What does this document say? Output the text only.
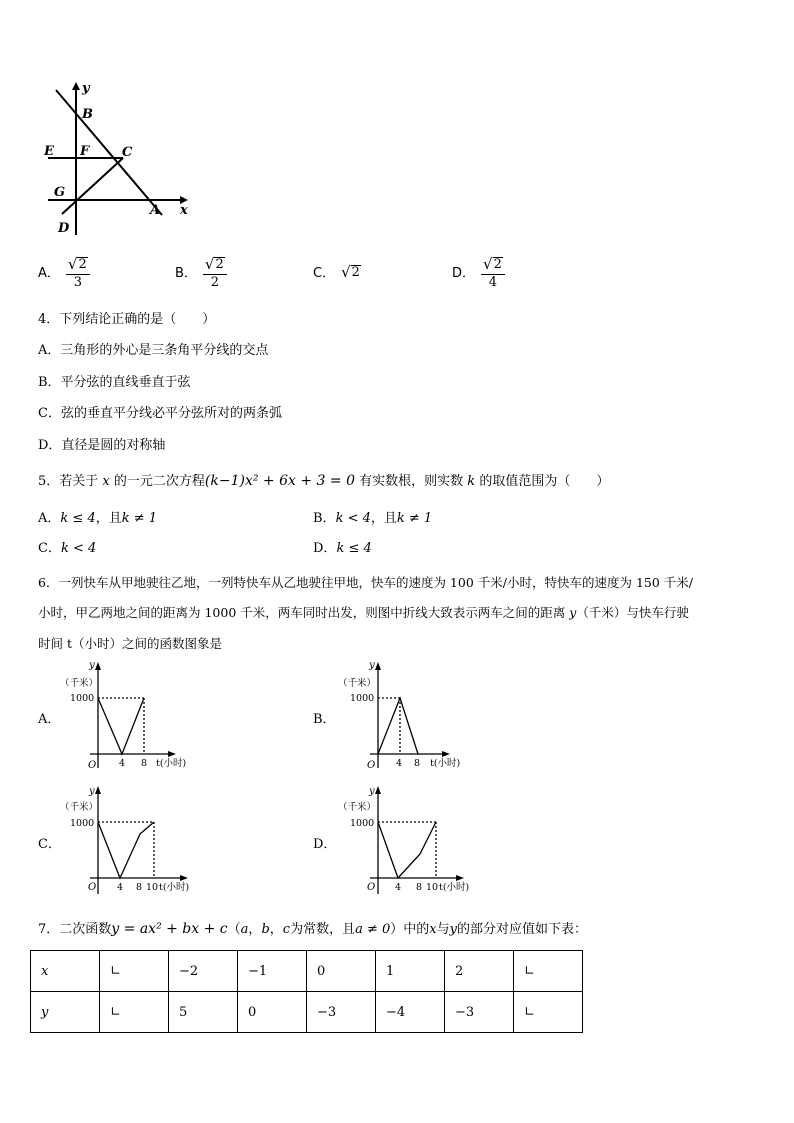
y
B
E F	C
G
A x
D
A． $\frac{√ 2}{3}$	B． $\frac{√ 2}{2}$	C． √ 2	D． $\frac{√ 2}{4}$
4．下列结论正确的是（　　）
A．三角形的外心是三条角平分线的交点
B．平分弦的直线垂直于弦
C．弦的垂直平分线必平分弦所对的两条弧
D．直径是圆的对称轴
5．若关于 x 的一元二次方程(k−1)x² + 6x + 3 = 0 有实数根，则实数 k 的取值范围为（　　）
A．k ≤ 4，且k ≠ 1	B．k < 4，且k ≠ 1
C．k < 4	D．k ≤ 4
6．一列快车从甲地驶往乙地，一列特快车从乙地驶往甲地，快车的速度为 100 千米/小时，特快车的速度为 150 千米/
小时，甲乙两地之间的距离为 1000 千米，两车同时出发，则图中折线大致表示两车之间的距离 y（千米）与快车行驶
时间 t（小时）之间的函数图象是
A．	B．
C．	D．
y
（千米）
1000
O 4 8 t(小时)
y
（千米）
1000
O 4 8 t(小时)
y
（千米）
1000
O 4 8 10 t(小时)
y
（千米）
1000
O 4 8 10 t(小时)
7．二次函数y = ax² + bx + c（a，b，c为常数，且a ≠ 0）中的x与y的部分对应值如下表：
x	∟	−2	−1	0	1	2	∟
y	∟	5	0	−3	−4	−3	∟
